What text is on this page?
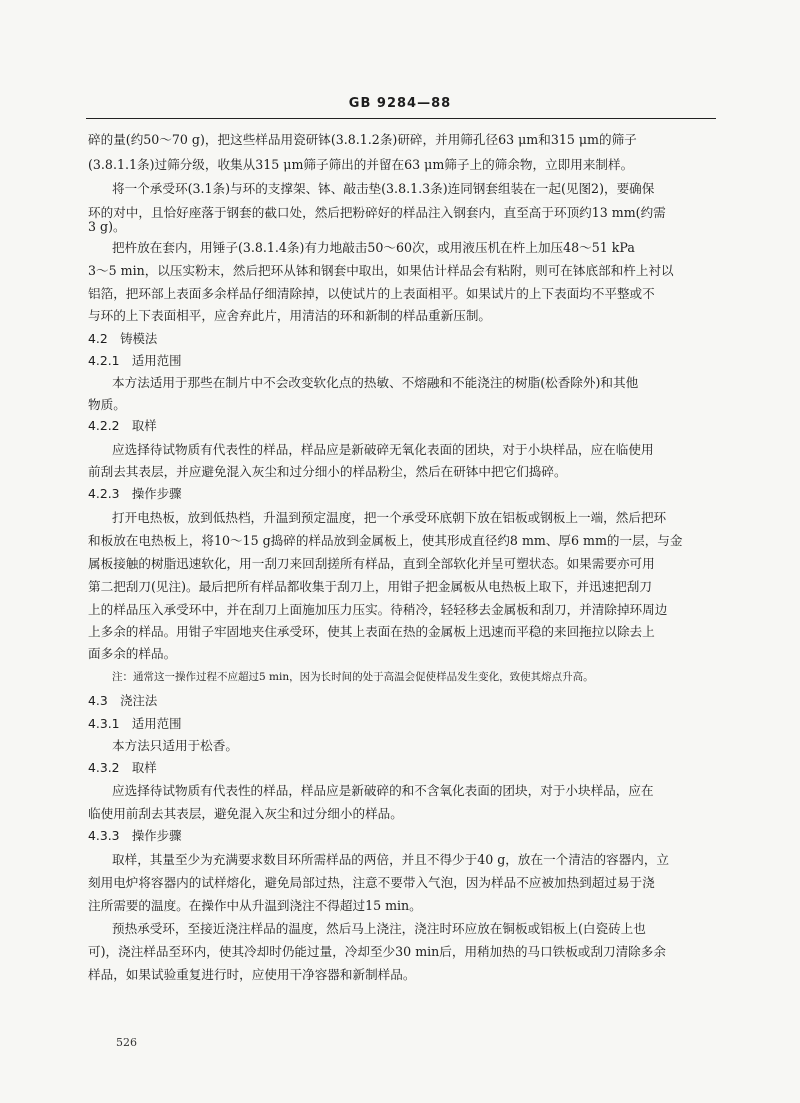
GB 9284—88
碎的量(约50～70 g)，把这些样品用瓷研钵(3.8.1.2条)研碎，并用筛孔径63 μm和315 μm的筛子
(3.8.1.1条)过筛分级，收集从315 μm筛子筛出的并留在63 μm筛子上的筛余物，立即用来制样。
将一个承受环(3.1条)与环的支撑架、钵、敲击垫(3.8.1.3条)连同钢套组装在一起(见图2)，要确保
环的对中，且恰好座落于钢套的截口处，然后把粉碎好的样品注入钢套内，直至高于环顶约13 mm(约需
3 g)。
把杵放在套内，用锤子(3.8.1.4条)有力地敲击50～60次，或用液压机在杵上加压48～51 kPa
3～5 min，以压实粉末，然后把环从钵和钢套中取出，如果估计样品会有粘附，则可在钵底部和杵上衬以
铝箔，把环部上表面多余样品仔细清除掉，以使试片的上表面相平。如果试片的上下表面均不平整或不
与环的上下表面相平，应舍弃此片，用清洁的环和新制的样品重新压制。
4.2　铸模法
4.2.1　适用范围
本方法适用于那些在制片中不会改变软化点的热敏、不熔融和不能浇注的树脂(松香除外)和其他
物质。
4.2.2　取样
应选择待试物质有代表性的样品，样品应是新破碎无氧化表面的团块，对于小块样品，应在临使用
前刮去其表层，并应避免混入灰尘和过分细小的样品粉尘，然后在研钵中把它们捣碎。
4.2.3　操作步骤
打开电热板，放到低热档，升温到预定温度，把一个承受环底朝下放在铝板或钢板上一端，然后把环
和板放在电热板上，将10～15 g捣碎的样品放到金属板上，使其形成直径约8 mm、厚6 mm的一层，与金
属板接触的树脂迅速软化，用一刮刀来回刮搓所有样品，直到全部软化并呈可塑状态。如果需要亦可用
第二把刮刀(见注)。最后把所有样品都收集于刮刀上，用钳子把金属板从电热板上取下，并迅速把刮刀
上的样品压入承受环中，并在刮刀上面施加压力压实。待稍冷，轻轻移去金属板和刮刀，并清除掉环周边
上多余的样品。用钳子牢固地夹住承受环，使其上表面在热的金属板上迅速而平稳的来回拖拉以除去上
面多余的样品。
注：通常这一操作过程不应超过5 min，因为长时间的处于高温会促使样品发生变化，致使其熔点升高。
4.3　浇注法
4.3.1　适用范围
本方法只适用于松香。
4.3.2　取样
应选择待试物质有代表性的样品，样品应是新破碎的和不含氧化表面的团块，对于小块样品，应在
临使用前刮去其表层，避免混入灰尘和过分细小的样品。
4.3.3　操作步骤
取样，其量至少为充满要求数目环所需样品的两倍，并且不得少于40 g，放在一个清洁的容器内，立
刻用电炉将容器内的试样熔化，避免局部过热，注意不要带入气泡，因为样品不应被加热到超过易于浇
注所需要的温度。在操作中从升温到浇注不得超过15 min。
预热承受环，至接近浇注样品的温度，然后马上浇注，浇注时环应放在铜板或铝板上(白瓷砖上也
可)，浇注样品至环内，使其冷却时仍能过量，冷却至少30 min后，用稍加热的马口铁板或刮刀清除多余
样品，如果试验重复进行时，应使用干净容器和新制样品。
526
